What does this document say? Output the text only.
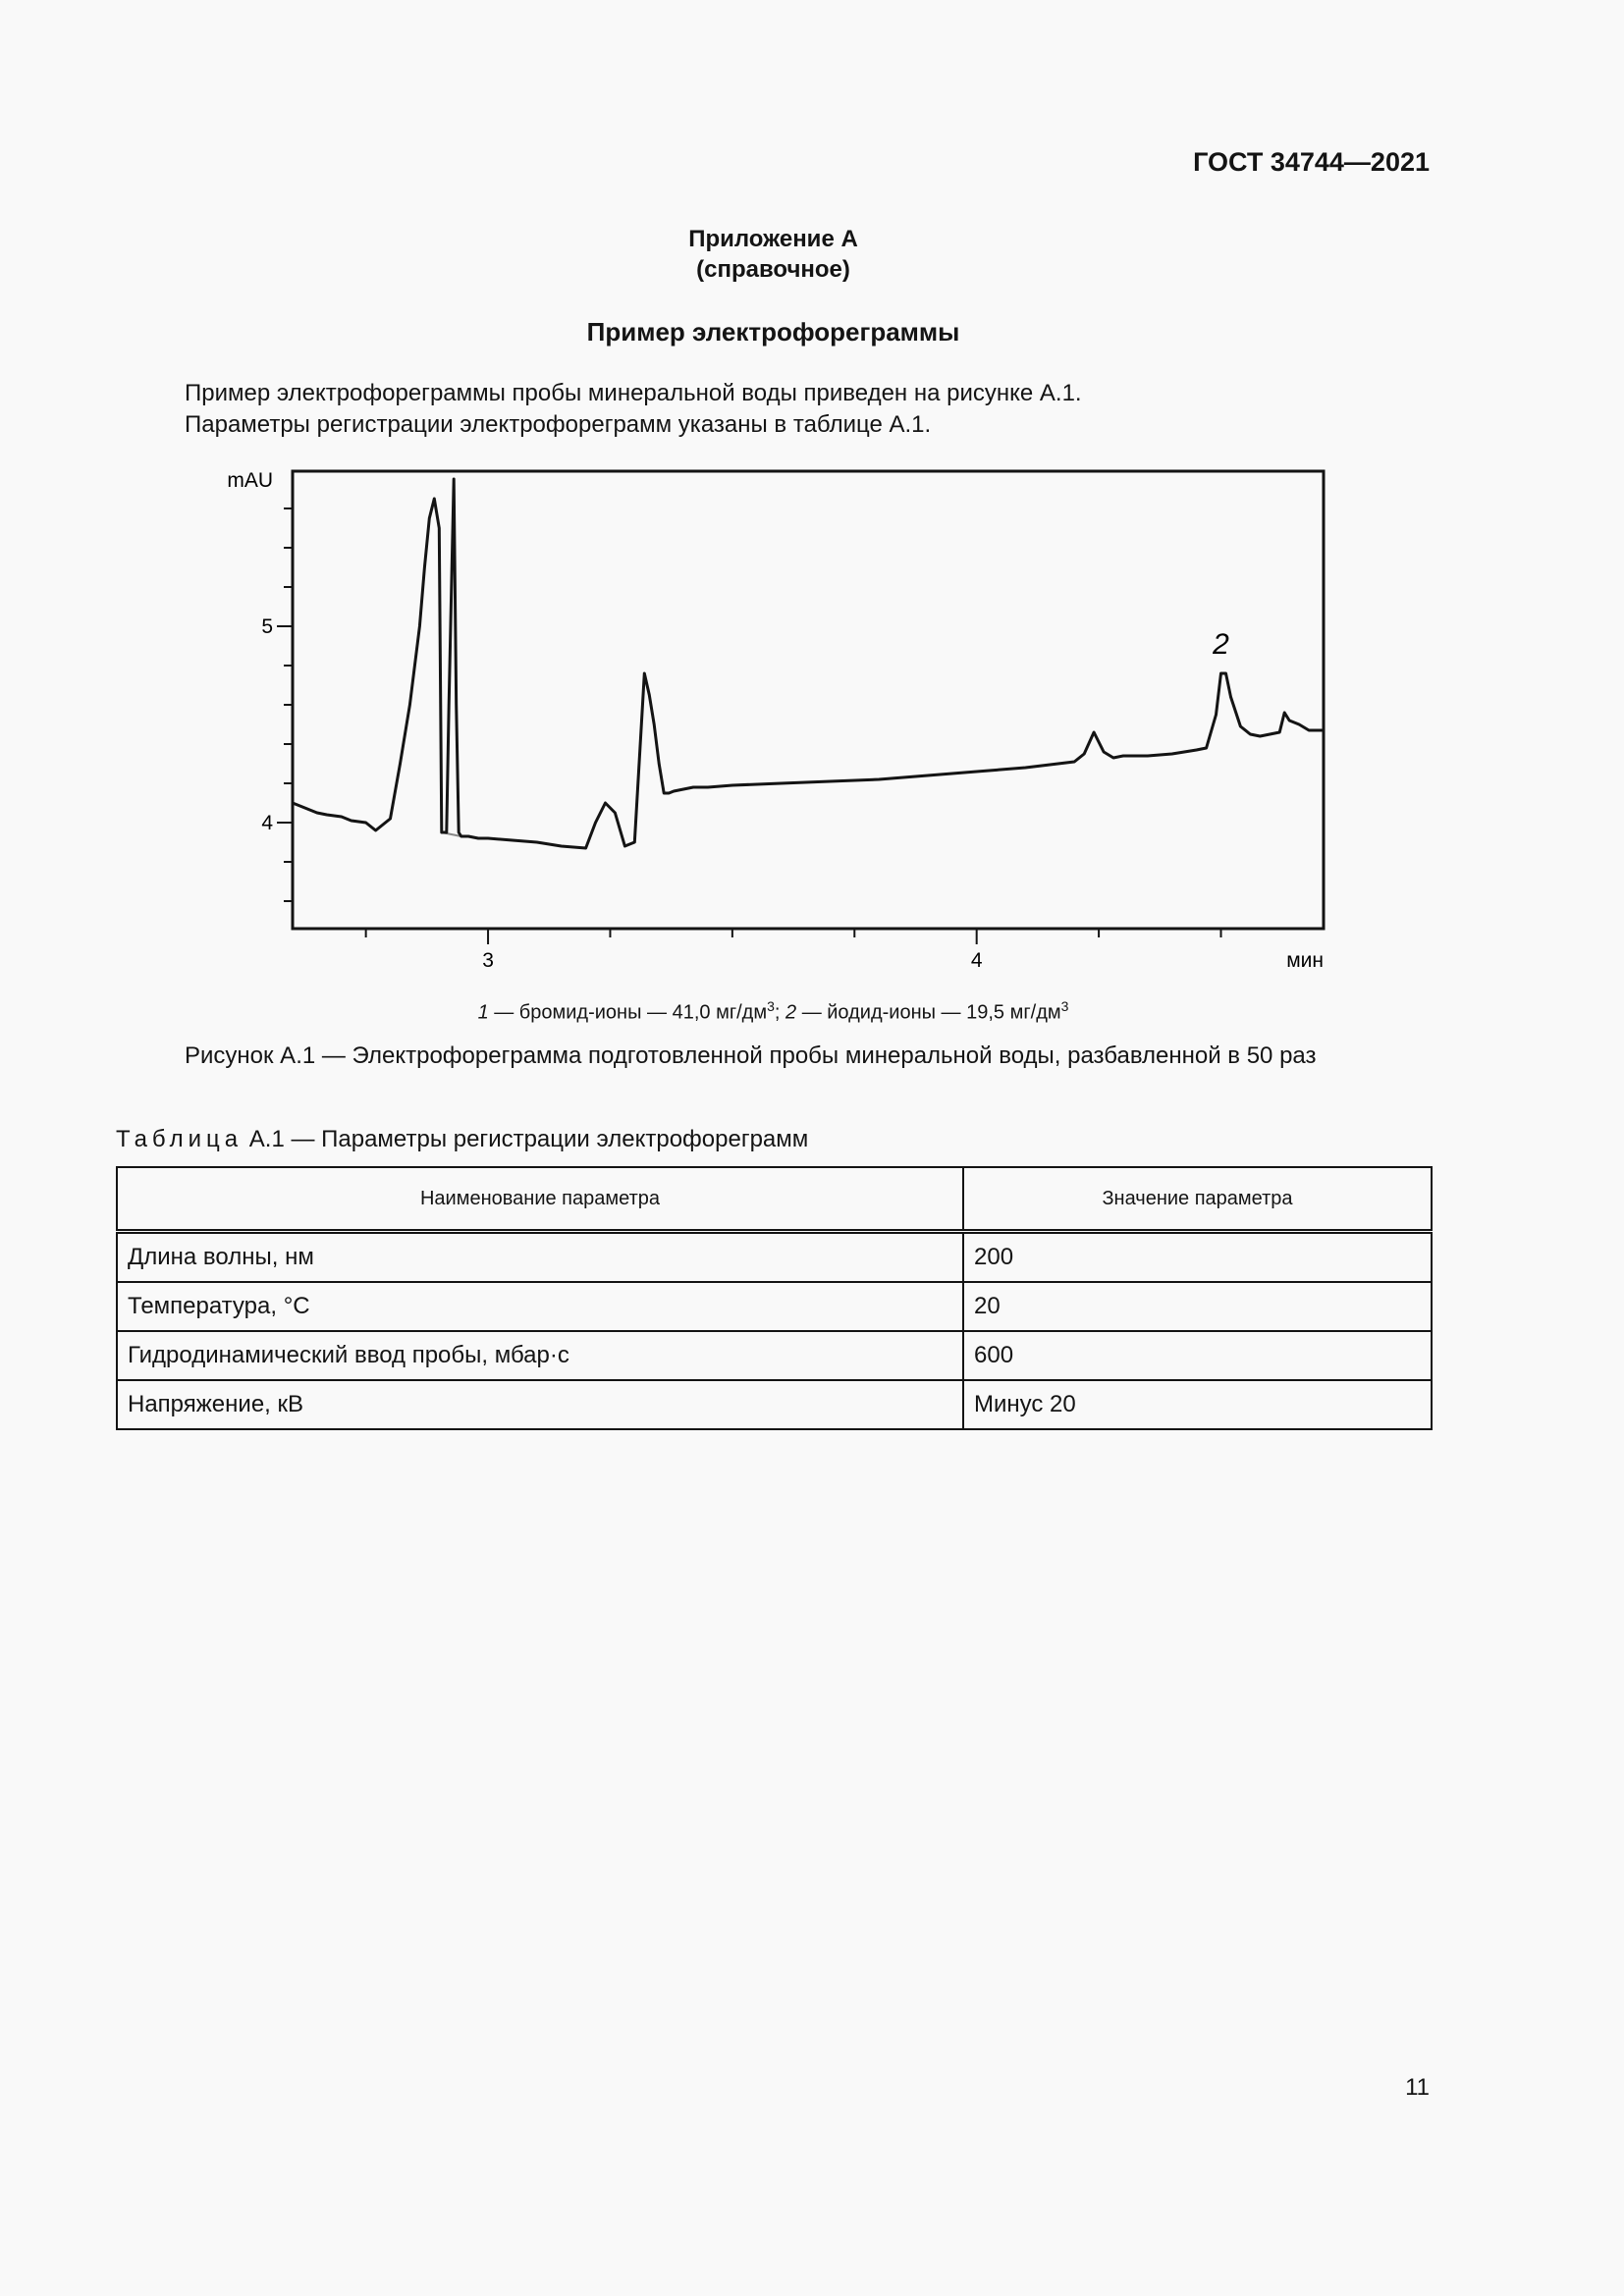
ГОСТ 34744—2021
Приложение А
(справочное)
Пример электрофореграммы
Пример электрофореграммы пробы минеральной воды приведен на рисунке А.1.
Параметры регистрации электрофореграмм указаны в таблице А.1.
4
5
3	4
mAU
мин
2
1 — бромид-ионы — 41,0 $мг/дм^3$; 2 — йодид-ионы — 19,5 $мг/дм^3$
Рисунок А.1 — Электрофореграмма подготовленной пробы минеральной воды, разбавленной в 50 раз
Таблица А.1 — Параметры регистрации электрофореграмм
Наименование параметра	Значение параметра
Длина волны, нм	200
Температура, °С	20
Гидродинамический ввод пробы, мбар·с	600
Напряжение, кВ	Минус 20
11
